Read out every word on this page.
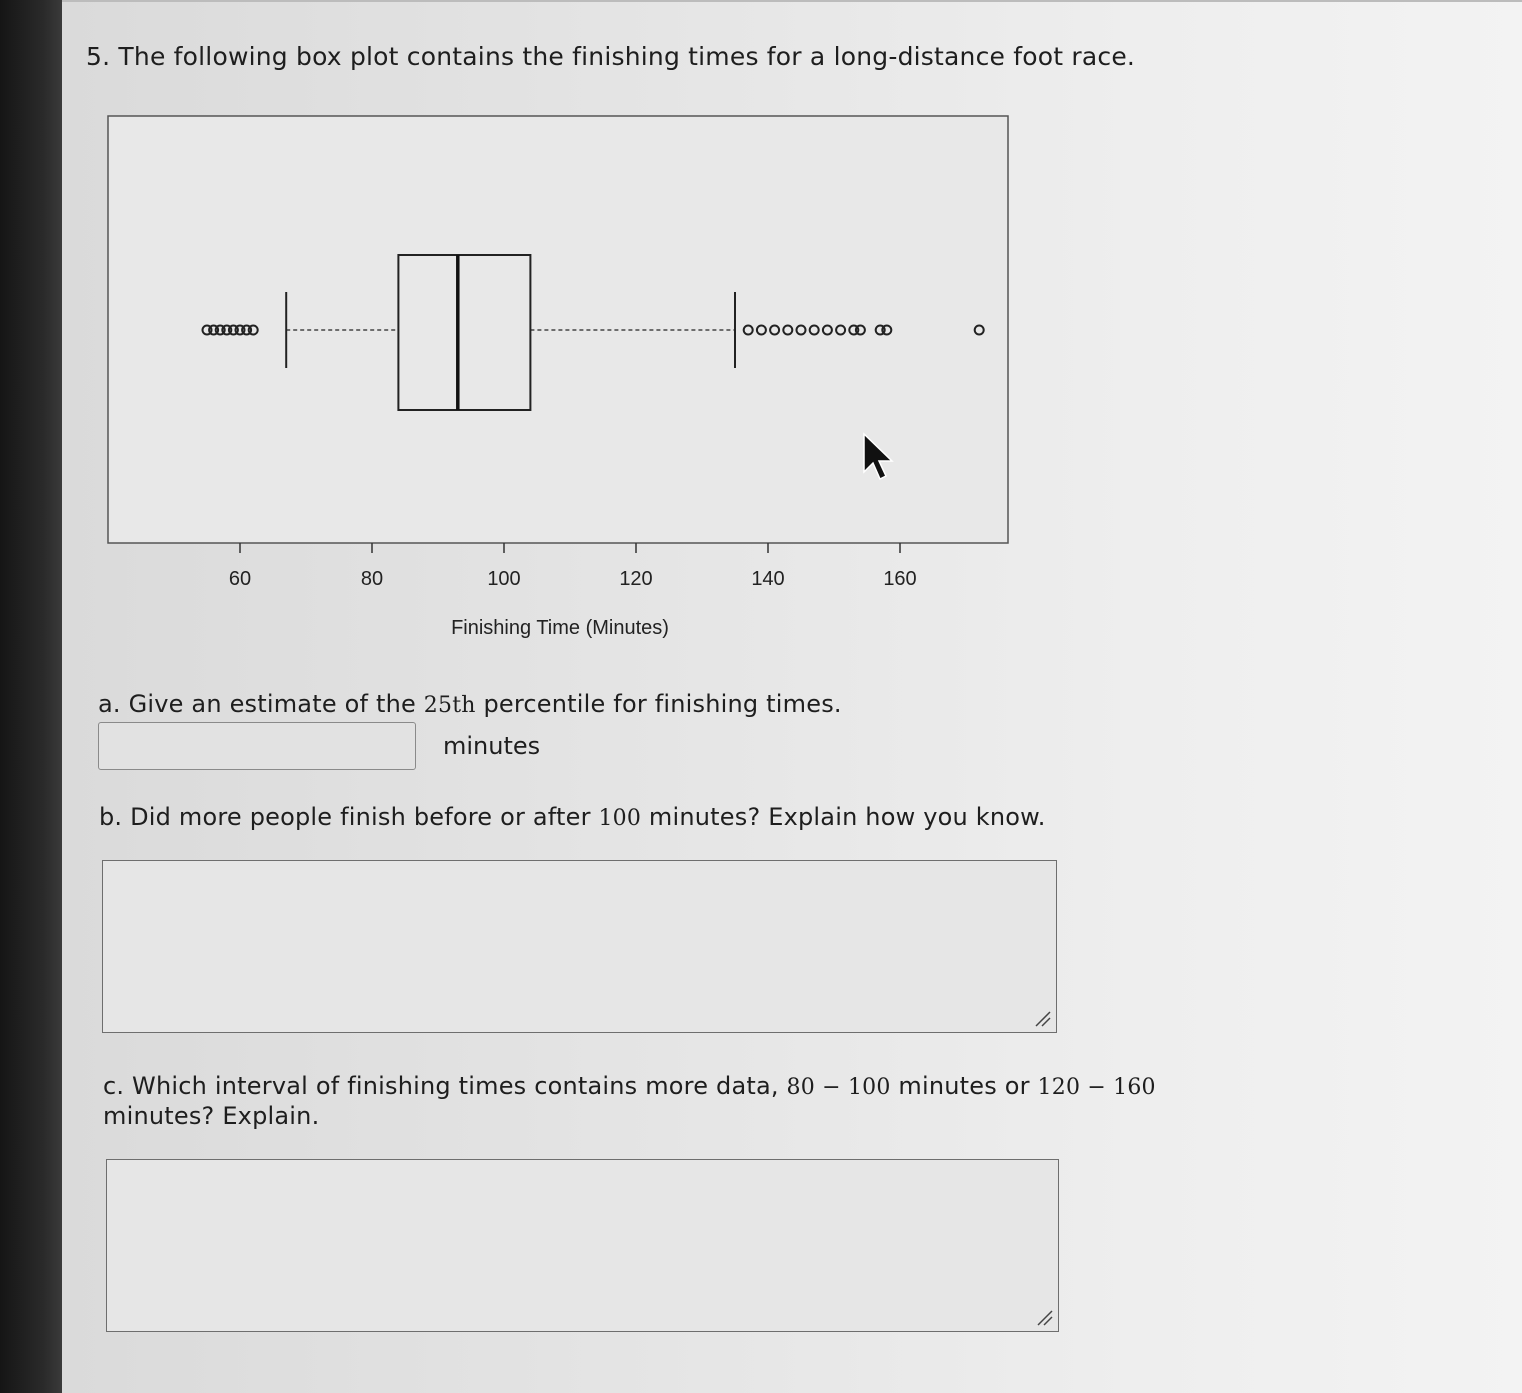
5. The following box plot contains the finishing times for a long-distance foot race.
60	80	100	120	140	160
Finishing Time (Minutes)
a. Give an estimate of the 25th percentile for finishing times.
minutes
b. Did more people finish before or after 100 minutes? Explain how you know.
c. Which interval of finishing times contains more data, 80 − 100 minutes or 120 − 160
minutes? Explain.
